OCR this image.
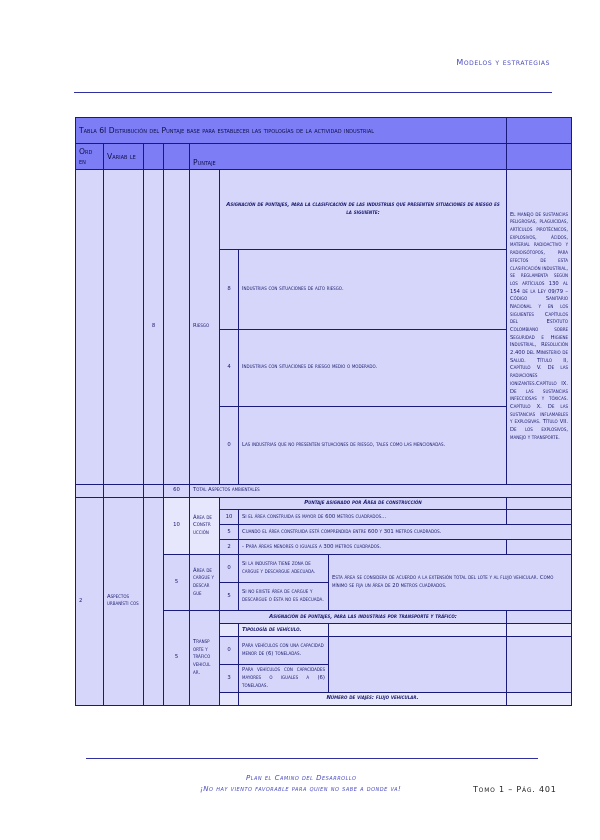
Modelos y estrategias
Tabla 6I Distribución del Puntaje base para establecer las tipologías de la actividad industrial								
Ord en	Variab le			Puntaje				
		8		Riesgo	Asignación de puntajes, para la clasificación de las industrias que presenten situaciones de riesgo es la siguiente:			El manejo de sustancias peligrosas, plaguicidas, artículos pirotécnicos, explosivos, ácidos, material radioactivo y radioisótopos, para efectos de esta clasificación industrial, se reglamenta según los artículos 130 al 154 de la Ley 09/79 – Código Sanitario Nacional y en los siguientes Capítulos del Estatuto Colombiano sobre Seguridad e Higiene Industrial, Resolución 2.400 del Ministerio de Salud. Título II, Capítulo V. De las radiaciones ionizantes.Capítulo IX. De las sustancias infecciosas y tóxicas. Capítulo X. De las sustancias inflamables y explosivas. Título VII. De los explosivos, manejo y transporte.
					8	Industrias con situaciones de alto riesgo.		
					4	Industrias con situaciones de riesgo medio o moderado.		
					0	Las industrias que no presenten situaciones de riesgo, tales como las mencionadas.		
			60	Total Aspectos ambientales				
2	Aspectos urbanísti cos		10	Área de Constr ucción	Puntaje asignado por Área de construcción			
					10	Si el área construida es mayor de 600 metros cuadrados...		
					5	Cuando el área construida está comprendida entre 600 y 301 metros cuadrados.		
					2	- Para áreas menores o iguales a 300 metros cuadrados.		
			5	Área de cargue y descar gue	0	Si la industria tiene zona de cargue y descargue adecuada.	Esta área se considera de acuerdo a la extensión total del lote y al flujo vehicular. Como mínimo se fija un área de 20 metros cuadrados.	
					5	Si no existe área de cargue y descargue o ésta no es adecuada.		
			5	Transp orte y tráfico vehicul ar.	Asignación de puntajes, para las industrias por transporte y tráfico:			
						Tipología de vehículo.		
					0	Para vehículos con una capacidad menor de (6) toneladas.		
					3	Para vehículos con capacidades mayores o iguales a (6) toneladas.		
						Número de viajes: flujo vehicular.		
Plan el Camino del Desarrollo
¡No hay viento favorable para quien no sabe a donde va!	Tomo 1 – Pág. 401
